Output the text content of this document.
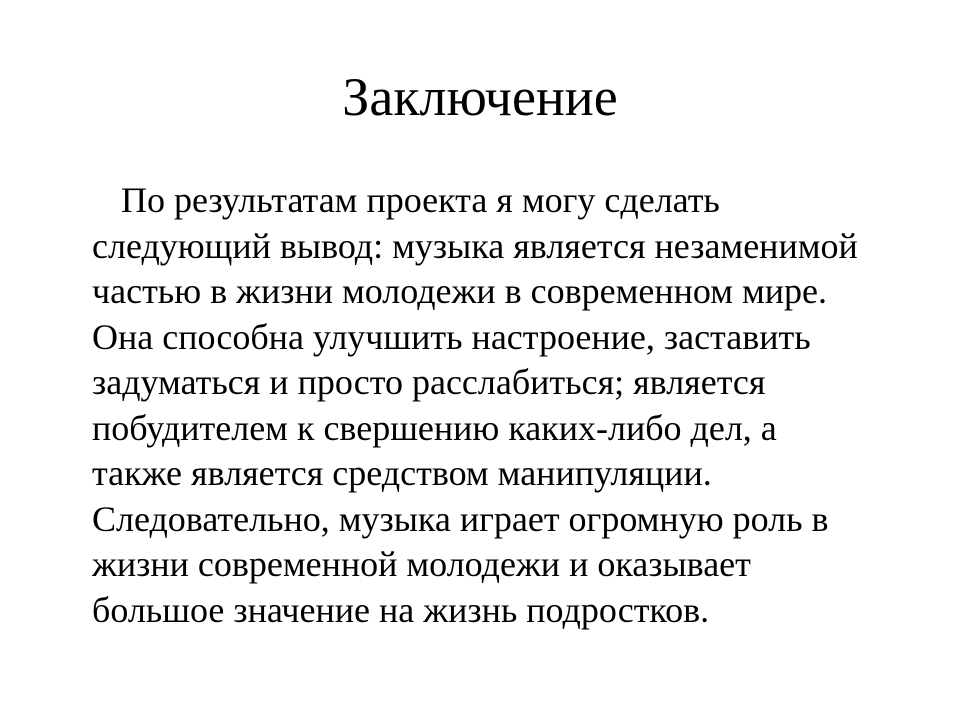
Заключение

По результатам проекта я могу сделать
следующий вывод: музыка является незаменимой
частью в жизни молодежи в современном мире.
Она способна улучшить настроение, заставить
задуматься и просто расслабиться; является
побудителем к свершению каких-либо дел, а
также является средством манипуляции.
Следовательно, музыка играет огромную роль в
жизни современной молодежи и оказывает
большое значение на жизнь подростков.
